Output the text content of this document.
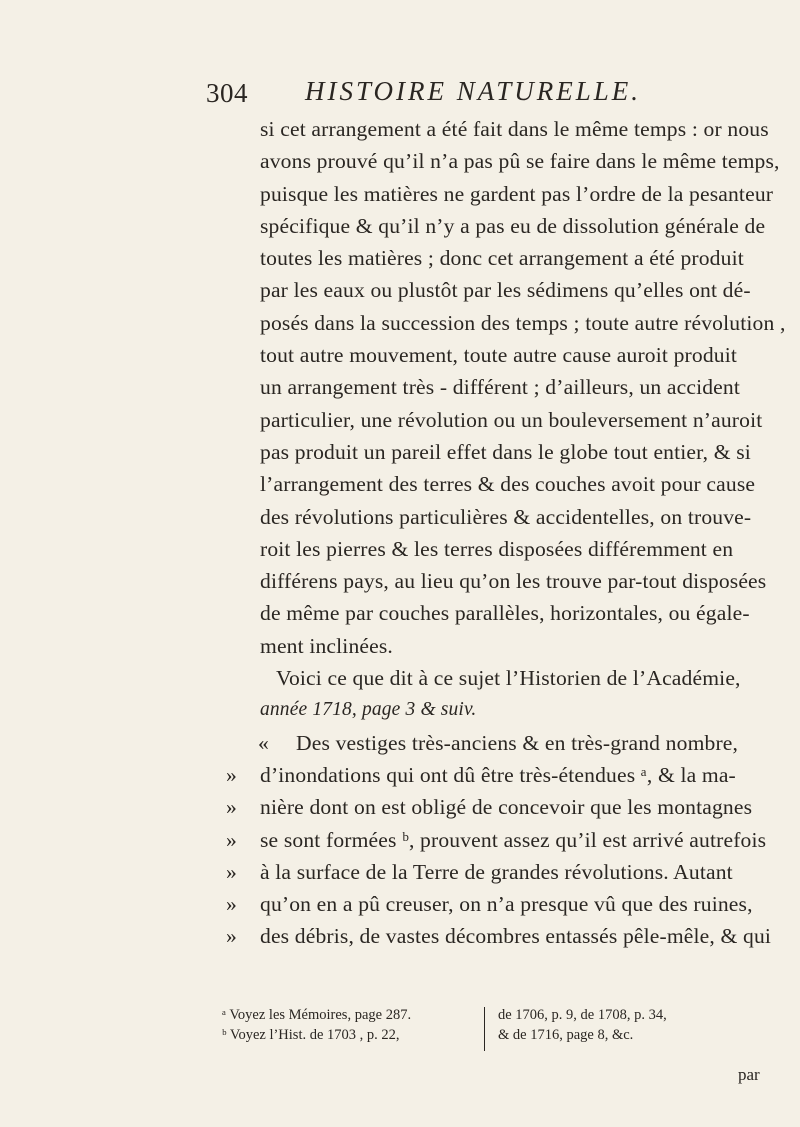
304 HISTOIRE NATURELLE.
si cet arrangement a été fait dans le même temps : or nous
avons prouvé qu’il n’a pas pû se faire dans le même temps,
puisque les matières ne gardent pas l’ordre de la pesanteur
spécifique & qu’il n’y a pas eu de dissolution générale de
toutes les matières ; donc cet arrangement a été produit
par les eaux ou plustôt par les sédimens qu’elles ont dé-
posés dans la succession des temps ; toute autre révolution ,
tout autre mouvement, toute autre cause auroit produit
un arrangement très - différent ; d’ailleurs, un accident
particulier, une révolution ou un bouleversement n’auroit
pas produit un pareil effet dans le globe tout entier, & si
l’arrangement des terres & des couches avoit pour cause
des révolutions particulières & accidentelles, on trouve-
roit les pierres & les terres disposées différemment en
différens pays, au lieu qu’on les trouve par-tout disposées
de même par couches parallèles, horizontales, ou égale-
ment inclinées.
Voici ce que dit à ce sujet l’Historien de l’Académie,
année 1718, page 3 & suiv.
«	Des vestiges très-anciens & en très-grand nombre,
»	d’inondations qui ont dû être très-étendues ᵃ, & la ma-
»	nière dont on est obligé de concevoir que les montagnes
»	se sont formées ᵇ, prouvent assez qu’il est arrivé autrefois
»	à la surface de la Terre de grandes révolutions. Autant
»	qu’on en a pû creuser, on n’a presque vû que des ruines,
»	des débris, de vastes décombres entassés pêle-mêle, & qui
ᵃ Voyez les Mémoires, page 287.
ᵇ Voyez l’Hist. de 1703 , p. 22,
de 1706, p. 9, de 1708, p. 34,
& de 1716, page 8, &c.
par
